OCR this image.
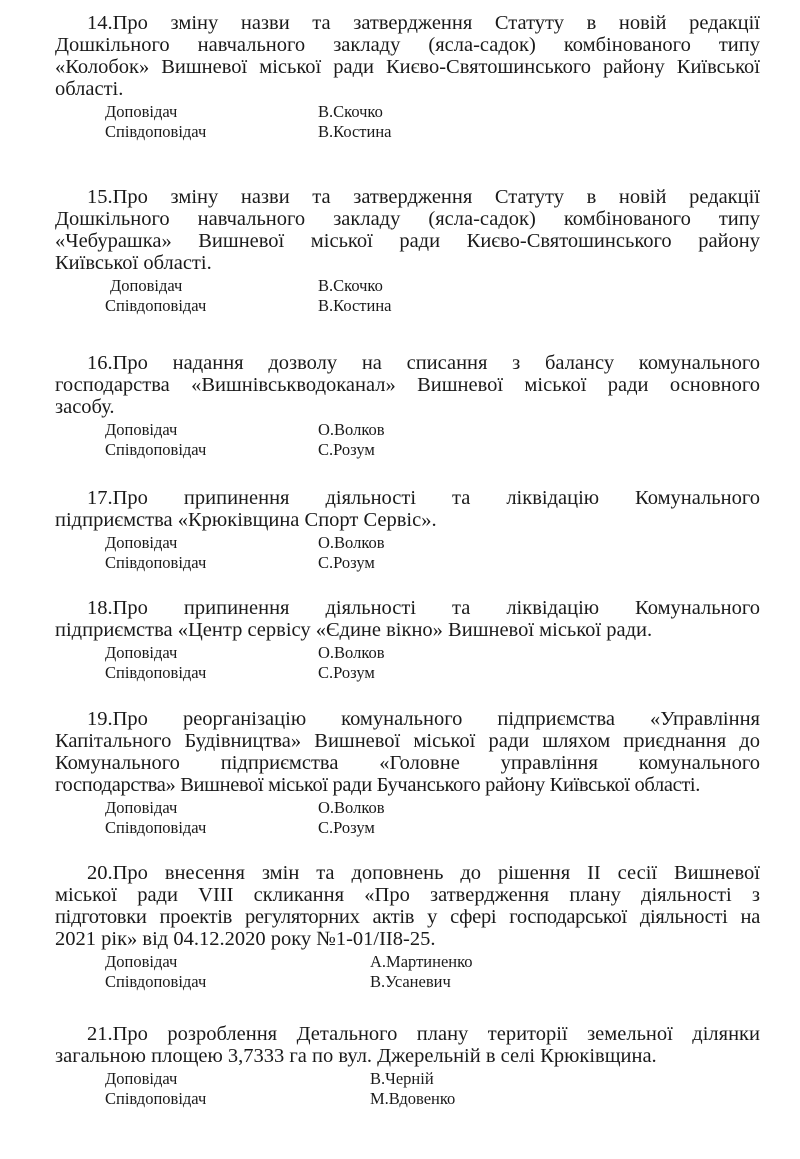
14.Про зміну назви та затвердження Статуту в новій редакції

Дошкільного навчального закладу (ясла-садок) комбінованого типу

«Колобок» Вишневої міської ради Києво-Святошинського району Київської

області.

Доповідач	В.Скочко
Співдоповідач	В.Костина

15.Про зміну назви та затвердження Статуту в новій редакції

Дошкільного навчального закладу (ясла-садок) комбінованого типу

«Чебурашка» Вишневої міської ради Києво-Святошинського району

Київської області.

Доповідач	В.Скочко
Співдоповідач	В.Костина

16.Про надання дозволу на списання з балансу комунального

господарства «Вишнівськводоканал» Вишневої міської ради основного

засобу.

Доповідач	О.Волков
Співдоповідач	С.Розум

17.Про припинення діяльності та ліквідацію Комунального

підприємства «Крюківщина Спорт Сервіс».

Доповідач	О.Волков
Співдоповідач	С.Розум

18.Про припинення діяльності та ліквідацію Комунального

підприємства «Центр сервісу «Єдине вікно» Вишневої міської ради.

Доповідач	О.Волков
Співдоповідач	С.Розум

19.Про реорганізацію комунального підприємства «Управління

Капітального Будівництва» Вишневої міської ради шляхом приєднання до

Комунального підприємства «Головне управління комунального

господарства» Вишневої міської ради Бучанського району Київської області.

Доповідач	О.Волков
Співдоповідач	С.Розум

20.Про внесення змін та доповнень до рішення ІІ сесії Вишневої

міської ради VIII скликання «Про затвердження плану діяльності з

підготовки проектів регуляторних актів у сфері господарської діяльності на

2021 рік» від 04.12.2020 року №1-01/ІІ8-25.

Доповідач	А.Мартиненко
Співдоповідач	В.Усаневич

21.Про розроблення Детального плану території земельної ділянки

загальною площею 3,7333 га по вул. Джерельній в селі Крюківщина.

Доповідач	В.Черній
Співдоповідач	М.Вдовенко
